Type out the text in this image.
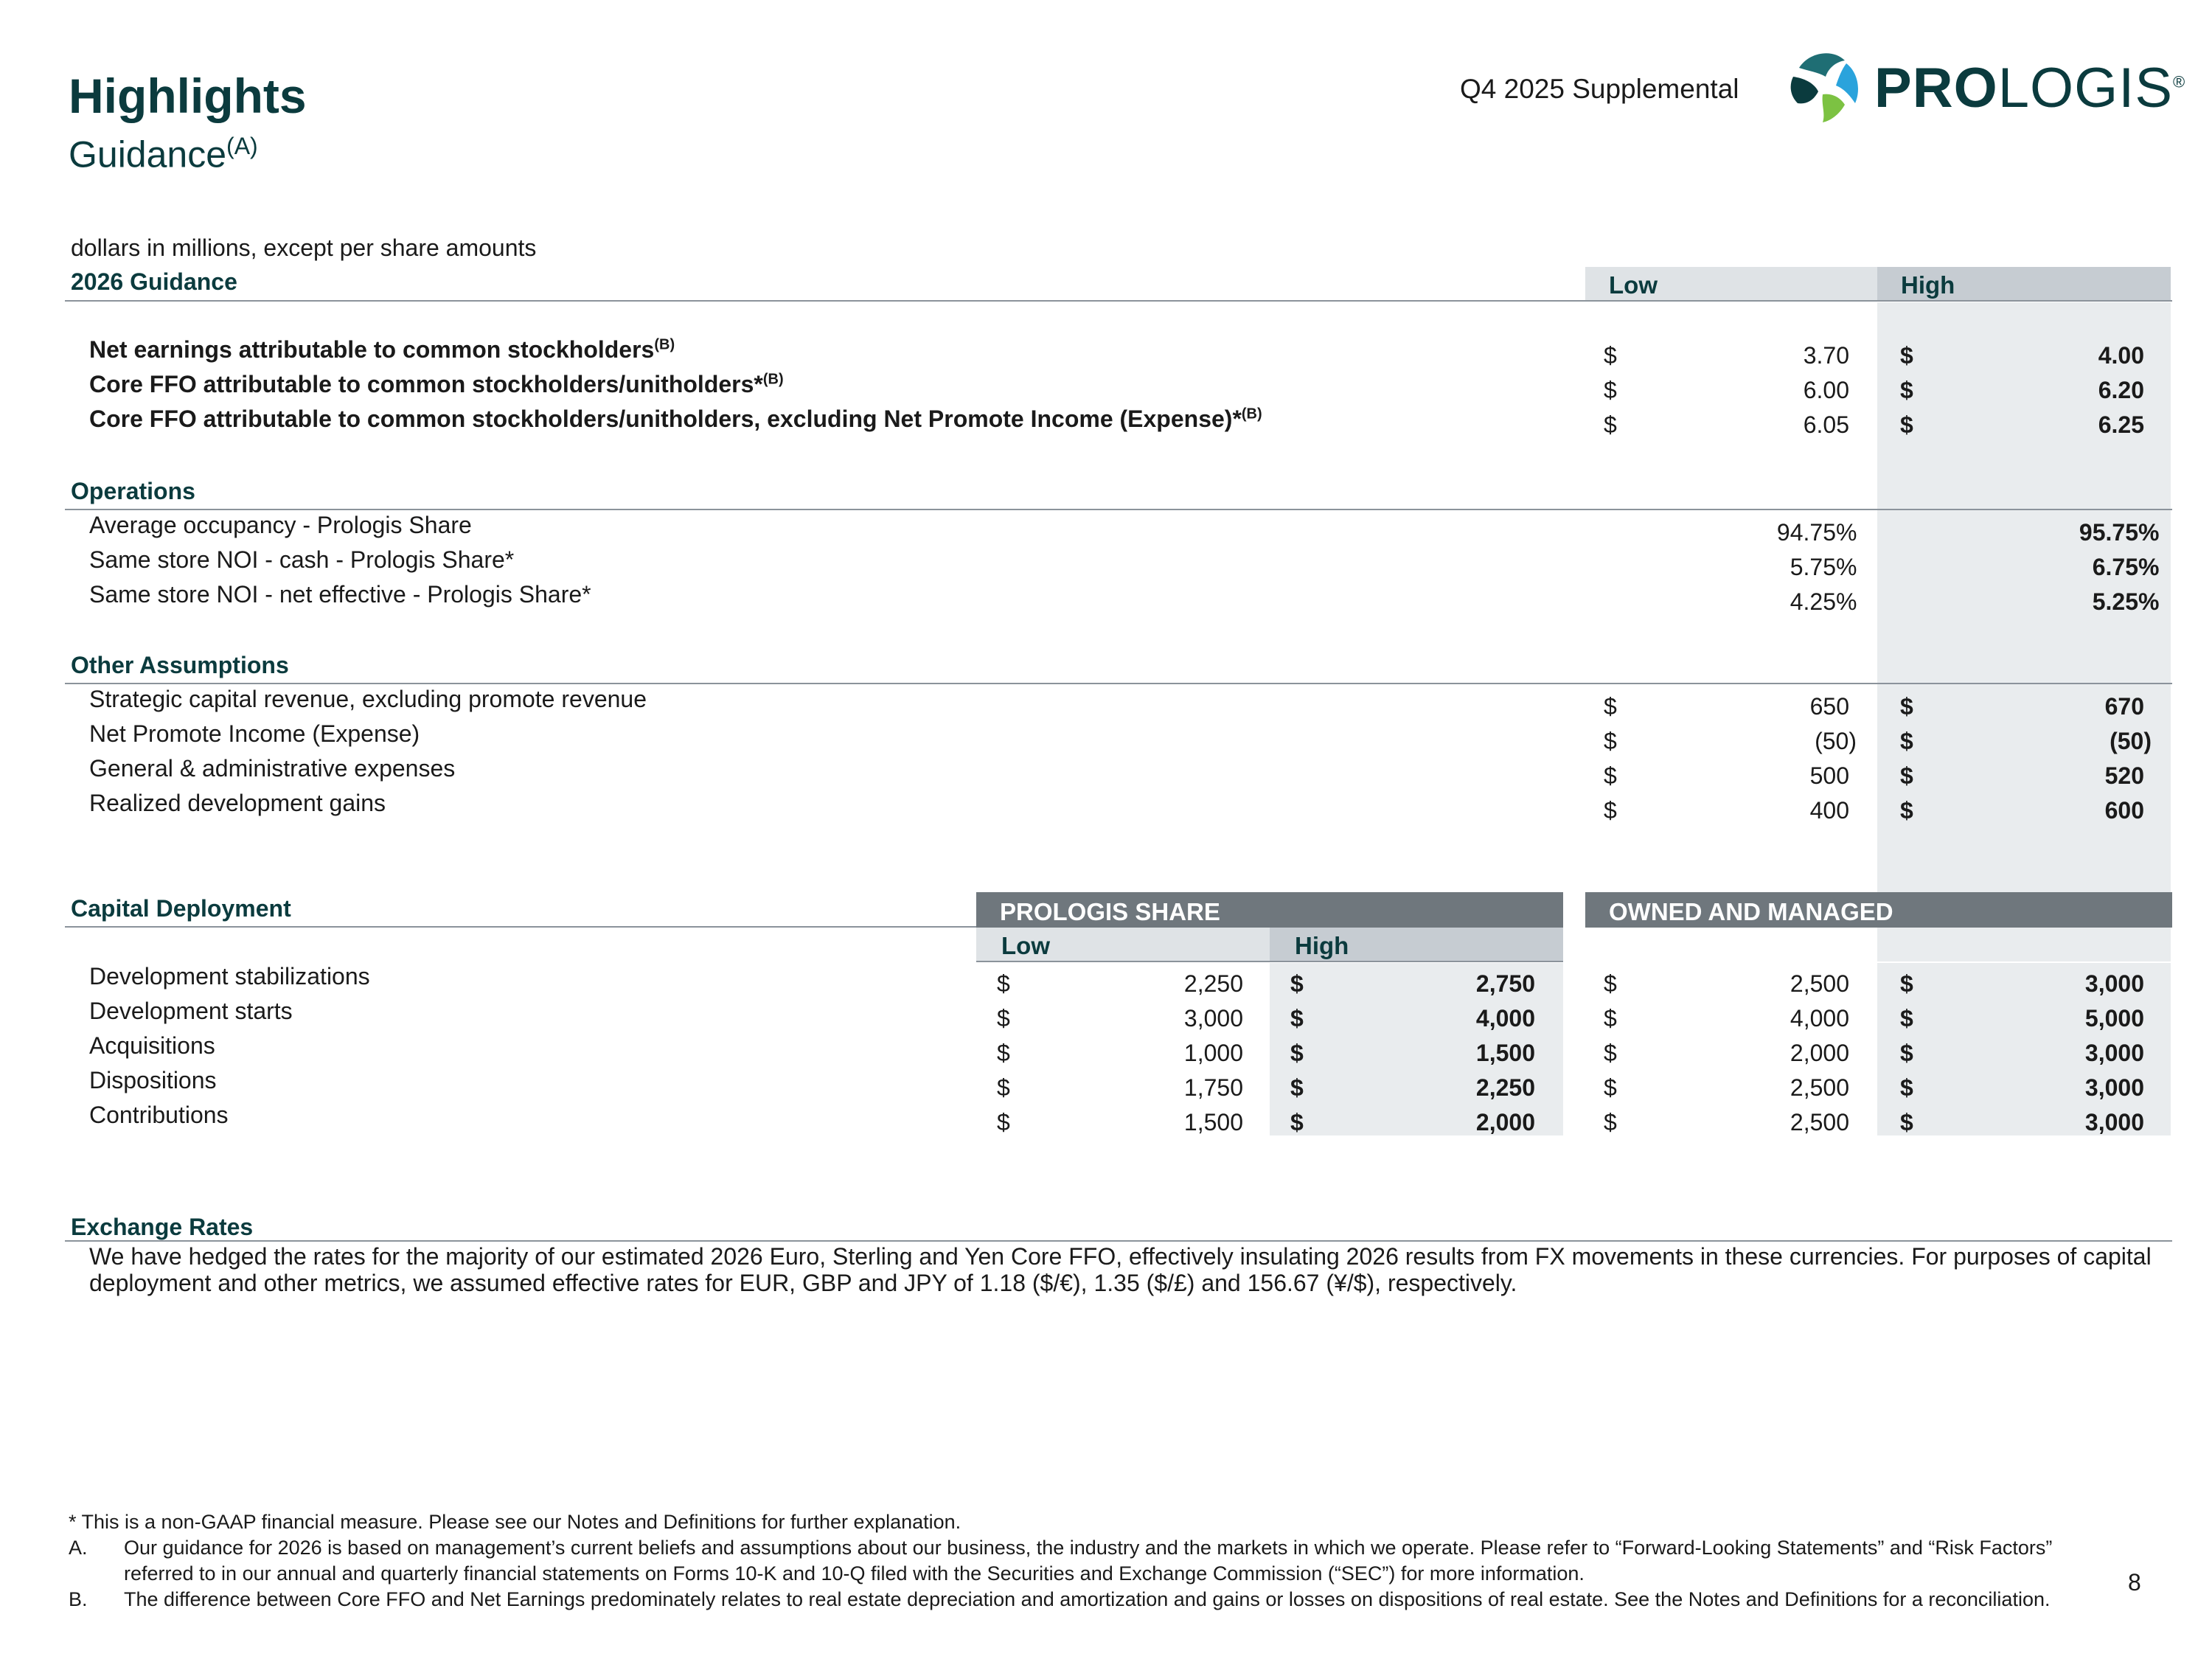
Highlights
Guidance$^{(A)}$
Q4 2025 Supplemental PROLOGIS®
dollars in millions, except per share amounts
2026 Guidance	Low	High
Net earnings attributable to common stockholders$^{(B)}$	$	3.70 $	4.00
Core FFO attributable to common stockholders/unitholders*$^{(B)}$	$	6.00 $	6.20
Core FFO attributable to common stockholders/unitholders, excluding Net Promote Income (Expense)*$^{(B)}$	$	6.05 $	6.25
Operations
Average occupancy - Prologis Share	94.75 %	95.75 %
Same store NOI - cash - Prologis Share*	5.75 %	6.75 %
Same store NOI - net effective - Prologis Share*	4.25 %	5.25 %
Other Assumptions
Strategic capital revenue, excluding promote revenue	$	650 $	670
Net Promote Income (Expense)	$	(50) $	(50)
General & administrative expenses	$	500 $	520
Realized development gains	$	400 $	600
Capital Deployment	PROLOGIS SHARE	OWNED AND MANAGED
Low	High
Development stabilizations	$	2,250 $	2,750	$	2,500 $	3,000
Development starts	$	3,000 $	4,000	$	4,000 $	5,000
Acquisitions	$	1,000 $	1,500	$	2,000 $	3,000
Dispositions	$	1,750 $	2,250	$	2,500 $	3,000
Contributions	$	1,500 $	2,000	$	2,500 $	3,000
Exchange Rates
We have hedged the rates for the majority of our estimated 2026 Euro, Sterling and Yen Core FFO, effectively insulating 2026 results from FX movements in these currencies. For purposes of capital deployment and other metrics, we assumed effective rates for EUR, GBP and JPY of 1.18 ($/€), 1.35 ($/£) and 156.67 (¥/$), respectively.
* This is a non-GAAP financial measure. Please see our Notes and Definitions for further explanation.
A. Our guidance for 2026 is based on management’s current beliefs and assumptions about our business, the industry and the markets in which we operate. Please refer to “Forward-Looking Statements” and “Risk Factors” referred to in our annual and quarterly financial statements on Forms 10-K and 10-Q filed with the Securities and Exchange Commission (“SEC”) for more information.
B. The difference between Core FFO and Net Earnings predominately relates to real estate depreciation and amortization and gains or losses on dispositions of real estate. See the Notes and Definitions for a reconciliation.
8
